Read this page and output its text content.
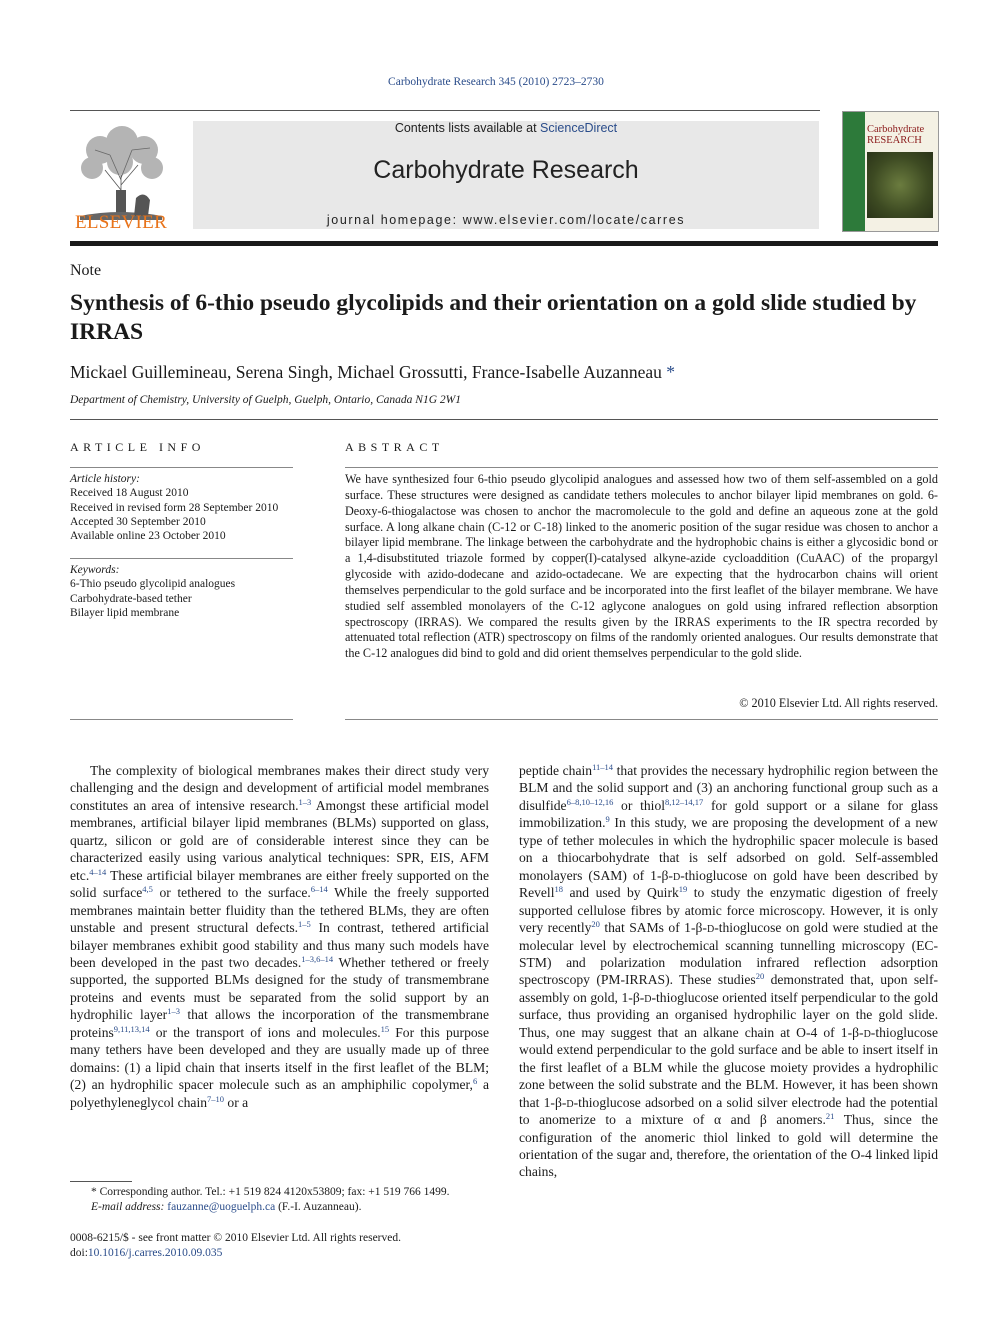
Carbohydrate Research 345 (2010) 2723–2730
ELSEVIER
Contents lists available at ScienceDirect
Carbohydrate Research
journal homepage: www.elsevier.com/locate/carres
Carbohydrate RESEARCH
Note
Synthesis of 6-thio pseudo glycolipids and their orientation on a gold slide studied by IRRAS
Mickael Guillemineau, Serena Singh, Michael Grossutti, France-Isabelle Auzanneau *
Department of Chemistry, University of Guelph, Guelph, Ontario, Canada N1G 2W1
ARTICLE INFO
Article history:
Received 18 August 2010
Received in revised form 28 September 2010
Accepted 30 September 2010
Available online 23 October 2010
Keywords:
6-Thio pseudo glycolipid analogues
Carbohydrate-based tether
Bilayer lipid membrane
ABSTRACT
We have synthesized four 6-thio pseudo glycolipid analogues and assessed how two of them self-assembled on a gold surface. These structures were designed as candidate tethers molecules to anchor bilayer lipid membranes on gold. 6-Deoxy-6-thiogalactose was chosen to anchor the macromolecule to the gold and define an aqueous zone at the gold surface. A long alkane chain (C-12 or C-18) linked to the anomeric position of the sugar residue was chosen to anchor a bilayer lipid membrane. The linkage between the carbohydrate and the hydrophobic chains is either a glycosidic bond or a 1,4-disubstituted triazole formed by copper(I)-catalysed alkyne-azide cycloaddition (CuAAC) of the propargyl glycoside with azido-dodecane and azido-octadecane. We are expecting that the hydrocarbon chains will orient themselves perpendicular to the gold surface and be incorporated into the first leaflet of the bilayer membrane. We have studied self assembled monolayers of the C-12 aglycone analogues on gold using infrared reflection absorption spectroscopy (IRRAS). We compared the results given by the IRRAS experiments to the IR spectra recorded by attenuated total reflection (ATR) spectroscopy on films of the randomly oriented analogues. Our results demonstrate that the C-12 analogues did bind to gold and did orient themselves perpendicular to the gold slide.
© 2010 Elsevier Ltd. All rights reserved.
The complexity of biological membranes makes their direct study very challenging and the design and development of artificial model membranes constitutes an area of intensive research.$^{1-3}$ Amongst these artificial model membranes, artificial bilayer lipid membranes (BLMs) supported on glass, quartz, silicon or gold are of considerable interest since they can be characterized easily using various analytical techniques: SPR, EIS, AFM etc.$^{4-14}$ These artificial bilayer membranes are either freely supported on the solid surface$^{4,5}$ or tethered to the surface.$^{6-14}$ While the freely supported membranes maintain better fluidity than the tethered BLMs, they are often unstable and present structural defects.$^{1-5}$ In contrast, tethered artificial bilayer membranes exhibit good stability and thus many such models have been developed in the past two decades.$^{1-3,6-14}$ Whether tethered or freely supported, the supported BLMs designed for the study of transmembrane proteins and events must be separated from the solid support by an hydrophilic layer$^{1-3}$ that allows the incorporation of the transmembrane proteins$^{9,11,13,14}$ or the transport of ions and molecules.$^{15}$ For this purpose many tethers have been developed and they are usually made up of three domains: (1) a lipid chain that inserts itself in the first leaflet of the BLM; (2) an hydrophilic spacer molecule such as an amphiphilic copolymer,$^6$ a polyethyleneglycol chain$^{7-10}$ or a
peptide chain$^{11-14}$ that provides the necessary hydrophilic region between the BLM and the solid support and (3) an anchoring functional group such as a disulfide$^{6-8,10-12,16}$ or thiol$^{8,12-14,17}$ for gold support or a silane for glass immobilization.$^9$ In this study, we are proposing the development of a new type of tether molecules in which the hydrophilic spacer molecule is based on a thiocarbohydrate that is self adsorbed on gold. Self-assembled monolayers (SAM) of 1-β-d-thioglucose on gold have been described by Revell$^{18}$ and used by Quirk$^{19}$ to study the enzymatic digestion of freely supported cellulose fibres by atomic force microscopy. However, it is only very recently$^{20}$ that SAMs of 1-β-d-thioglucose on gold were studied at the molecular level by electrochemical scanning tunnelling microscopy (EC-STM) and polarization modulation infrared reflection adsorption spectroscopy (PM-IRRAS). These studies$^{20}$ demonstrated that, upon self-assembly on gold, 1-β-d-thioglucose oriented itself perpendicular to the gold surface, thus providing an organised hydrophilic layer on the gold slide. Thus, one may suggest that an alkane chain at O-4 of 1-β-d-thioglucose would extend perpendicular to the gold surface and be able to insert itself in the first leaflet of a BLM while the glucose moiety provides a hydrophilic zone between the solid substrate and the BLM. However, it has been shown that 1-β-d-thioglucose adsorbed on a solid silver electrode had the potential to anomerize to a mixture of α and β anomers.$^{21}$ Thus, since the configuration of the anomeric thiol linked to gold will determine the orientation of the sugar and, therefore, the orientation of the O-4 linked lipid chains,
* Corresponding author. Tel.: +1 519 824 4120x53809; fax: +1 519 766 1499.
E-mail address: fauzanne@uoguelph.ca (F.-I. Auzanneau).
0008-6215/$ - see front matter © 2010 Elsevier Ltd. All rights reserved.
doi:10.1016/j.carres.2010.09.035
